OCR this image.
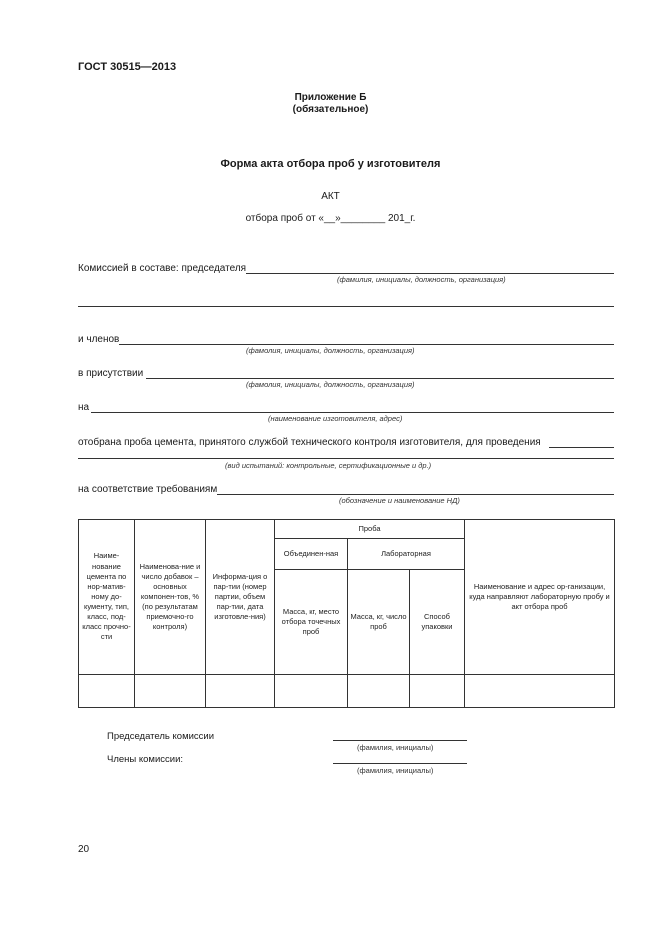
ГОСТ 30515—2013
Приложение Б
(обязательное)
Форма акта отбора проб у изготовителя
АКТ
отбора проб от «__»________ 201_г.
Комиссией в составе: председателя
(фамилия, инициалы, должность, организация)
и членов
(фамолия, инициалы, должность, организация)
в присутствии
(фамолия, инициалы, должность, организация)
на
(наименование изготовителя, адрес)
отобрана проба цемента, принятого службой технического контроля изготовителя, для проведения
(вид испытаний: контрольные, сертификационные и др.)
на соответствие требованиям
(обозначение и наименование НД)
Наиме-нование цемента по нор-матив-ному до-кументу, тип, класс, под-класс прочно-сти	Наименова-ние и число добавок – основных компонен-тов, % (по результатам приемочно-го контроля)	Информа-ция о пар-тии (номер партии, объем пар-тии, дата изготовле-ния)	Проба			Наименование и адрес ор-ганизации, куда направляют лабораторную пробу и акт отбора проб
			Объединен-ная	Лабораторная		
			Масса, кг, место отбора точечных проб	Масса, кг, число проб	Способ упаковки	

Председатель комиссии
(фамилия, инициалы)
Члены комиссии:
(фамилия, инициалы)
20
